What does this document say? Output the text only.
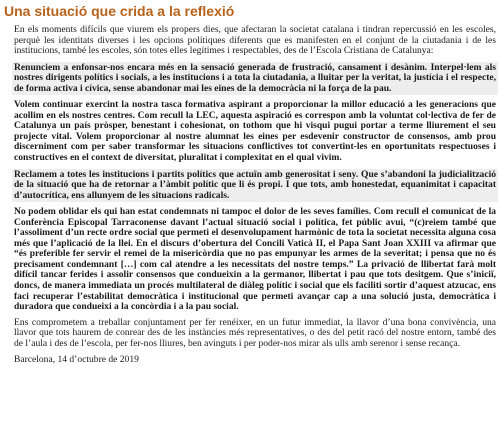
Una situació que crida a la reflexió

En els moments difícils que viurem els propers dies, que afectaran la societat catalana i tindran repercussió en les escoles, perquè les identitats diverses i les opcions polítiques diferents que es manifesten en el conjunt de la ciutadania i de les institucions, també les escoles, són totes elles legítimes i respectables, des de l’Escola Cristiana de Catalunya:

Renunciem a enfonsar-nos encara més en la sensació generada de frustració, cansament i desànim. Interpel·lem als nostres dirigents polítics i socials, a les institucions i a tota la ciutadania, a lluitar per la veritat, la justícia i el respecte, de forma activa i cívica, sense abandonar mai les eines de la democràcia ni la força de la pau.

Volem continuar exercint la nostra tasca formativa aspirant a proporcionar la millor educació a les generacions que acollim en els nostres centres. Com recull la LEC, aquesta aspiració es correspon amb la voluntat col·lectiva de fer de Catalunya un país pròsper, benestant i cohesionat, on tothom que hi visqui pugui portar a terme lliurement el seu projecte vital. Volem proporcionar al nostre alumnat les eines per esdevenir constructor de consensos, amb prou discerniment com per saber transformar les situacions conflictives tot convertint-les en oportunitats respectuoses i constructives en el context de diversitat, pluralitat i complexitat en el qual vivim.

Reclamem a totes les institucions i partits polítics que actuïn amb generositat i seny. Que s’abandoni la judicialització de la situació que ha de retornar a l’àmbit polític que li és propi. I que tots, amb honestedat, equanimitat i capacitat d’autocrítica, ens allunyem de les situacions radicals.

No podem oblidar els qui han estat condemnats ni tampoc el dolor de les seves famílies. Com recull el comunicat de la Conferència Episcopal Tarraconense davant l’actual situació social i política, fet públic avui, “(c)reiem també que l’assoliment d’un recte ordre social que permeti el desenvolupament harmònic de tota la societat necessita alguna cosa més que l’aplicació de la llei. En el discurs d’obertura del Concili Vaticà II, el Papa Sant Joan XXIII va afirmar que “és preferible fer servir el remei de la misericòrdia que no pas empunyar les armes de la severitat; i pensa que no és precisament condemnant […] com cal atendre a les necessitats del nostre temps.” La privació de llibertat farà molt difícil tancar ferides i assolir consensos que condueixin a la germanor, llibertat i pau que tots desitgem. Que s’iniciï, doncs, de manera immediata un procés multilateral de diàleg polític i social que els faciliti sortir d’aquest atzucac, ens faci recuperar l’estabilitat democràtica i institucional que permeti avançar cap a una solució justa, democràtica i duradora que condueixi a la concòrdia i a la pau social.

Ens comprometem a treballar conjuntament per fer renéixer, en un futur immediat, la llavor d’una bona convivència, una llavor que tots haurem de conrear des de les instàncies més representatives, o des del petit racó del nostre entorn, també des de l’aula i des de l’escola, per fer-nos lliures, ben avinguts i per poder-nos mirar als ulls amb serenor i sense recança.

Barcelona, 14 d’octubre de 2019
